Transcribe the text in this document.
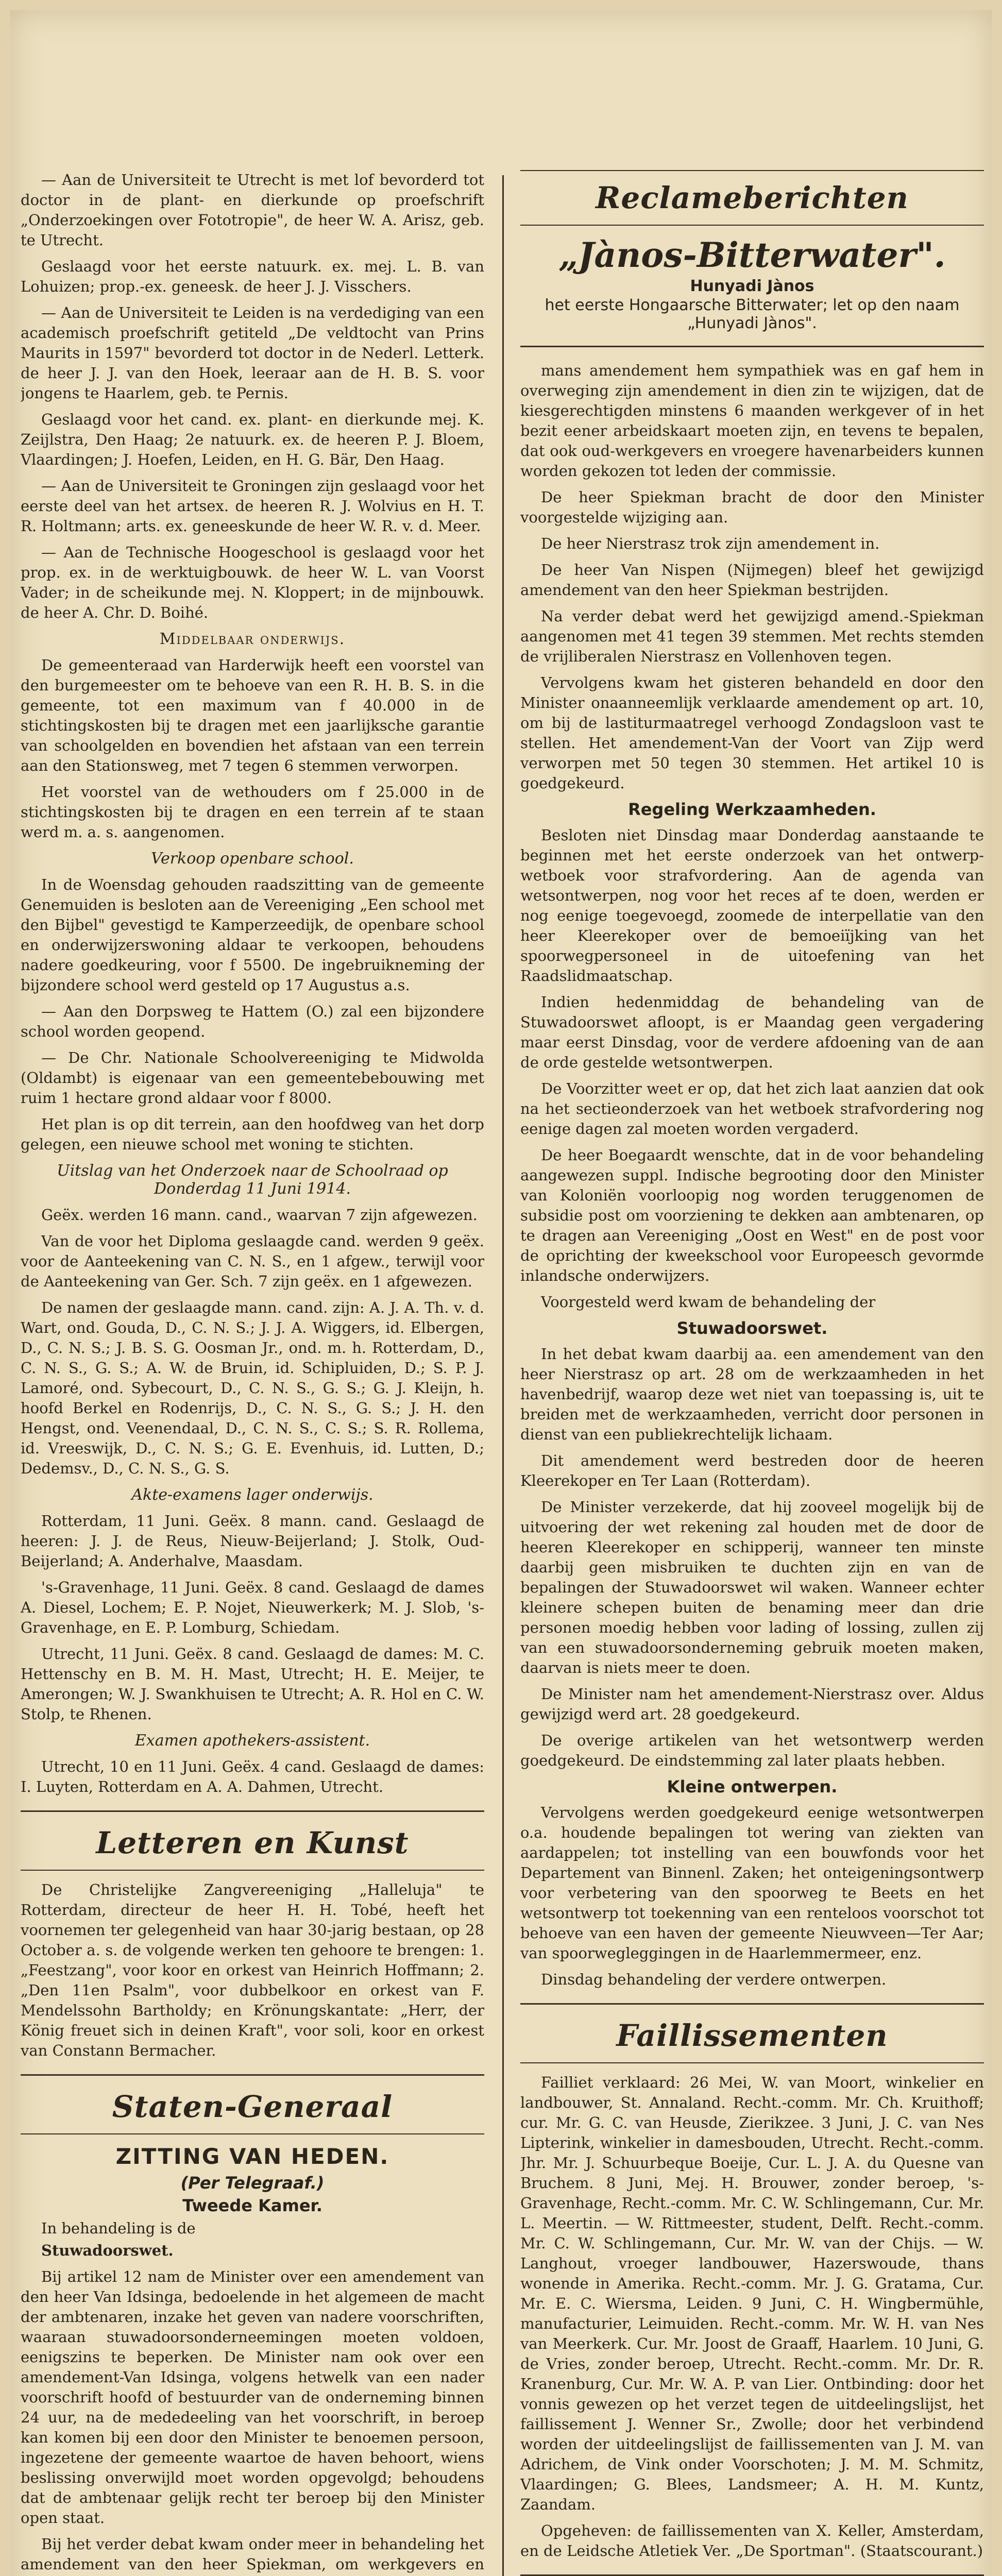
— Aan de Universiteit te Utrecht is met lof bevorderd tot doctor in de plant- en dierkunde op proefschrift „Onderzoekingen over Fototropie", de heer W. A. Arisz, geb. te Utrecht.

Geslaagd voor het eerste natuurk. ex. mej. L. B. van Lohuizen; prop.-ex. geneesk. de heer J. J. Visschers.

— Aan de Universiteit te Leiden is na verdediging van een academisch proefschrift getiteld „De veldtocht van Prins Maurits in 1597" bevorderd tot doctor in de Nederl. Letterk. de heer J. J. van den Hoek, leeraar aan de H. B. S. voor jongens te Haarlem, geb. te Pernis.

Geslaagd voor het cand. ex. plant- en dierkunde mej. K. Zeijlstra, Den Haag; 2e natuurk. ex. de heeren P. J. Bloem, Vlaardingen; J. Hoefen, Leiden, en H. G. Bär, Den Haag.

— Aan de Universiteit te Groningen zijn geslaagd voor het eerste deel van het artsex. de heeren R. J. Wolvius en H. T. R. Holtmann; arts. ex. geneeskunde de heer W. R. v. d. Meer.

— Aan de Technische Hoogeschool is geslaagd voor het prop. ex. in de werktuigbouwk. de heer W. L. van Voorst Vader; in de scheikunde mej. N. Kloppert; in de mijnbouwk. de heer A. Chr. D. Boihé.

Middelbaar onderwijs.

De gemeenteraad van Harderwijk heeft een voorstel van den burgemeester om te behoeve van een R. H. B. S. in die gemeente, tot een maximum van f 40.000 in de stichtingskosten bij te dragen met een jaarlijksche garantie van schoolgelden en bovendien het afstaan van een terrein aan den Stationsweg, met 7 tegen 6 stemmen verworpen.

Het voorstel van de wethouders om f 25.000 in de stichtingskosten bij te dragen en een terrein af te staan werd m. a. s. aangenomen.

Verkoop openbare school.

In de Woensdag gehouden raadszitting van de gemeente Genemuiden is besloten aan de Vereeniging „Een school met den Bijbel" gevestigd te Kamperzeedijk, de openbare school en onderwijzerswoning aldaar te verkoopen, behoudens nadere goedkeuring, voor f 5500. De ingebruikneming der bijzondere school werd gesteld op 17 Augustus a.s.

— Aan den Dorpsweg te Hattem (O.) zal een bijzondere school worden geopend.

— De Chr. Nationale Schoolvereeniging te Midwolda (Oldambt) is eigenaar van een gemeentebebouwing met ruim 1 hectare grond aldaar voor f 8000.

Het plan is op dit terrein, aan den hoofdweg van het dorp gelegen, een nieuwe school met woning te stichten.

Uitslag van het Onderzoek naar de Schoolraad op Donderdag 11 Juni 1914.

Geëx. werden 16 mann. cand., waarvan 7 zijn afgewezen.

Van de voor het Diploma geslaagde cand. werden 9 geëx. voor de Aanteekening van C. N. S., en 1 afgew., terwijl voor de Aanteekening van Ger. Sch. 7 zijn geëx. en 1 afgewezen.

De namen der geslaagde mann. cand. zijn: A. J. A. Th. v. d. Wart, ond. Gouda, D., C. N. S.; J. J. A. Wiggers, id. Elbergen, D., C. N. S.; J. B. S. G. Oosman Jr., ond. m. h. Rotterdam, D., C. N. S., G. S.; A. W. de Bruin, id. Schipluiden, D.; S. P. J. Lamoré, ond. Sybecourt, D., C. N. S., G. S.; G. J. Kleijn, h. hoofd Berkel en Rodenrijs, D., C. N. S., G. S.; J. H. den Hengst, ond. Veenendaal, D., C. N. S., C. S.; S. R. Rollema, id. Vreeswijk, D., C. N. S.; G. E. Evenhuis, id. Lutten, D.; Dedemsv., D., C. N. S., G. S.

Akte-examens lager onderwijs.

Rotterdam, 11 Juni. Geëx. 8 mann. cand. Geslaagd de heeren: J. J. de Reus, Nieuw-Beijerland; J. Stolk, Oud-Beijerland; A. Anderhalve, Maasdam.

's-Gravenhage, 11 Juni. Geëx. 8 cand. Geslaagd de dames A. Diesel, Lochem; E. P. Nojet, Nieuwerkerk; M. J. Slob, 's-Gravenhage, en E. P. Lomburg, Schiedam.

Utrecht, 11 Juni. Geëx. 8 cand. Geslaagd de dames: M. C. Hettenschy en B. M. H. Mast, Utrecht; H. E. Meijer, te Amerongen; W. J. Swankhuisen te Utrecht; A. R. Hol en C. W. Stolp, te Rhenen.

Examen apothekers-assistent.

Utrecht, 10 en 11 Juni. Geëx. 4 cand. Geslaagd de dames: I. Luyten, Rotterdam en A. A. Dahmen, Utrecht.

Letteren en Kunst

De Christelijke Zangvereeniging „Halleluja" te Rotterdam, directeur de heer H. H. Tobé, heeft het voornemen ter gelegenheid van haar 30-jarig bestaan, op 28 October a. s. de volgende werken ten gehoore te brengen: 1. „Feestzang", voor koor en orkest van Heinrich Hoffmann; 2. „Den 11en Psalm", voor dubbelkoor en orkest van F. Mendelssohn Bartholdy; en Krönungskantate: „Herr, der König freuet sich in deinen Kraft", voor soli, koor en orkest van Constann Bermacher.

Staten-Generaal
ZITTING VAN HEDEN.
(Per Telegraaf.)
Tweede Kamer.

In behandeling is de

Stuwadoorswet.

Bij artikel 12 nam de Minister over een amendement van den heer Van Idsinga, bedoelende in het algemeen de macht der ambtenaren, inzake het geven van nadere voorschriften, waaraan stuwadoorsonderneemingen moeten voldoen, eenigszins te beperken. De Minister nam ook over een amendement-Van Idsinga, volgens hetwelk van een nader voorschrift hoofd of bestuurder van de onderneming binnen 24 uur, na de mededeeling van het voorschrift, in beroep kan komen bij een door den Minister te benoemen persoon, ingezetene der gemeente waartoe de haven behoort, wiens beslissing onverwijld moet worden opgevolgd; behoudens dat de ambtenaar gelijk recht ter beroep bij den Minister open staat.

Bij het verder debat kwam onder meer in behandeling het amendement van den heer Spiekman, om werkgevers en

Reclameberichten
„Jànos-Bitterwater".
Hunyadi Jànos
het eerste Hongaarsche Bitterwater; let op den naam „Hunyadi Jànos".

mans amendement hem sympathiek was en gaf hem in overweging zijn amendement in dien zin te wijzigen, dat de kiesgerechtigden minstens 6 maanden werkgever of in het bezit eener arbeidskaart moeten zijn, en tevens te bepalen, dat ook oud-werkgevers en vroegere havenarbeiders kunnen worden gekozen tot leden der commissie.

De heer Spiekman bracht de door den Minister voorgestelde wijziging aan.

De heer Nierstrasz trok zijn amendement in.

De heer Van Nispen (Nijmegen) bleef het gewijzigd amendement van den heer Spiekman bestrijden.

Na verder debat werd het gewijzigd amend.-Spiekman aangenomen met 41 tegen 39 stemmen. Met rechts stemden de vrijliberalen Nierstrasz en Vollenhoven tegen.

Vervolgens kwam het gisteren behandeld en door den Minister onaanneemlijk verklaarde amendement op art. 10, om bij de lastiturmaatregel verhoogd Zondagsloon vast te stellen. Het amendement-Van der Voort van Zijp werd verworpen met 50 tegen 30 stemmen. Het artikel 10 is goedgekeurd.

Regeling Werkzaamheden.

Besloten niet Dinsdag maar Donderdag aanstaande te beginnen met het eerste onderzoek van het ontwerp-wetboek voor strafvordering. Aan de agenda van wetsontwerpen, nog voor het reces af te doen, werden er nog eenige toegevoegd, zoomede de interpellatie van den heer Kleerekoper over de bemoeiïjking van het spoorwegpersoneel in de uitoefening van het Raadslidmaatschap.

Indien hedenmiddag de behandeling van de Stuwadoorswet afloopt, is er Maandag geen vergadering maar eerst Dinsdag, voor de verdere afdoening van de aan de orde gestelde wetsontwerpen.

De Voorzitter weet er op, dat het zich laat aanzien dat ook na het sectieonderzoek van het wetboek strafvordering nog eenige dagen zal moeten worden vergaderd.

De heer Boegaardt wenschte, dat in de voor behandeling aangewezen suppl. Indische begrooting door den Minister van Koloniën voorloopig nog worden teruggenomen de subsidie post om voorziening te dekken aan ambtenaren, op te dragen aan Vereeniging „Oost en West" en de post voor de oprichting der kweekschool voor Europeesch gevormde inlandsche onderwijzers.

Voorgesteld werd kwam de behandeling der

Stuwadoorswet.

In het debat kwam daarbij aa. een amendement van den heer Nierstrasz op art. 28 om de werkzaamheden in het havenbedrijf, waarop deze wet niet van toepassing is, uit te breiden met de werkzaamheden, verricht door personen in dienst van een publiekrechtelijk lichaam.

Dit amendement werd bestreden door de heeren Kleerekoper en Ter Laan (Rotterdam).

De Minister verzekerde, dat hij zooveel mogelijk bij de uitvoering der wet rekening zal houden met de door de heeren Kleerekoper en schipperij, wanneer ten minste daarbij geen misbruiken te duchten zijn en van de bepalingen der Stuwadoorswet wil waken. Wanneer echter kleinere schepen buiten de benaming meer dan drie personen moedig hebben voor lading of lossing, zullen zij van een stuwadoorsonderneming gebruik moeten maken, daarvan is niets meer te doen.

De Minister nam het amendement-Nierstrasz over. Aldus gewijzigd werd art. 28 goedgekeurd.

De overige artikelen van het wetsontwerp werden goedgekeurd. De eindstemming zal later plaats hebben.

Kleine ontwerpen.

Vervolgens werden goedgekeurd eenige wetsontwerpen o.a. houdende bepalingen tot wering van ziekten van aardappelen; tot instelling van een bouwfonds voor het Departement van Binnenl. Zaken; het onteigeningsontwerp voor verbetering van den spoorweg te Beets en het wetsontwerp tot toekenning van een renteloos voorschot tot behoeve van een haven der gemeente Nieuwveen—Ter Aar; van spoorwegleggingen in de Haarlemmermeer, enz.

Dinsdag behandeling der verdere ontwerpen.

Faillissementen

Failliet verklaard: 26 Mei, W. van Moort, winkelier en landbouwer, St. Annaland. Recht.-comm. Mr. Ch. Kruithoff; cur. Mr. G. C. van Heusde, Zierikzee. 3 Juni, J. C. van Nes Lipterink, winkelier in damesbouden, Utrecht. Recht.-comm. Jhr. Mr. J. Schuurbeque Boeije, Cur. L. J. A. du Quesne van Bruchem. 8 Juni, Mej. H. Brouwer, zonder beroep, 's-Gravenhage, Recht.-comm. Mr. C. W. Schlingemann, Cur. Mr. L. Meertin. — W. Rittmeester, student, Delft. Recht.-comm. Mr. C. W. Schlingemann, Cur. Mr. W. van der Chijs. — W. Langhout, vroeger landbouwer, Hazerswoude, thans wonende in Amerika. Recht.-comm. Mr. J. G. Gratama, Cur. Mr. E. C. Wiersma, Leiden. 9 Juni, C. H. Wingbermühle, manufacturier, Leimuiden. Recht.-comm. Mr. W. H. van Nes van Meerkerk. Cur. Mr. Joost de Graaff, Haarlem. 10 Juni, G. de Vries, zonder beroep, Utrecht. Recht.-comm. Mr. Dr. R. Kranenburg, Cur. Mr. W. A. P. van Lier. Ontbinding: door het vonnis gewezen op het verzet tegen de uitdeelingslijst, het faillissement J. Wenner Sr., Zwolle; door het verbindend worden der uitdeelingslijst de faillissementen van J. M. van Adrichem, de Vink onder Voorschoten; J. M. M. Schmitz, Vlaardingen; G. Blees, Landsmeer; A. H. M. Kuntz, Zaandam.

Opgeheven: de faillissementen van X. Keller, Amsterdam, en de Leidsche Atletiek Ver. „De Sportman". (Staatscourant.)
